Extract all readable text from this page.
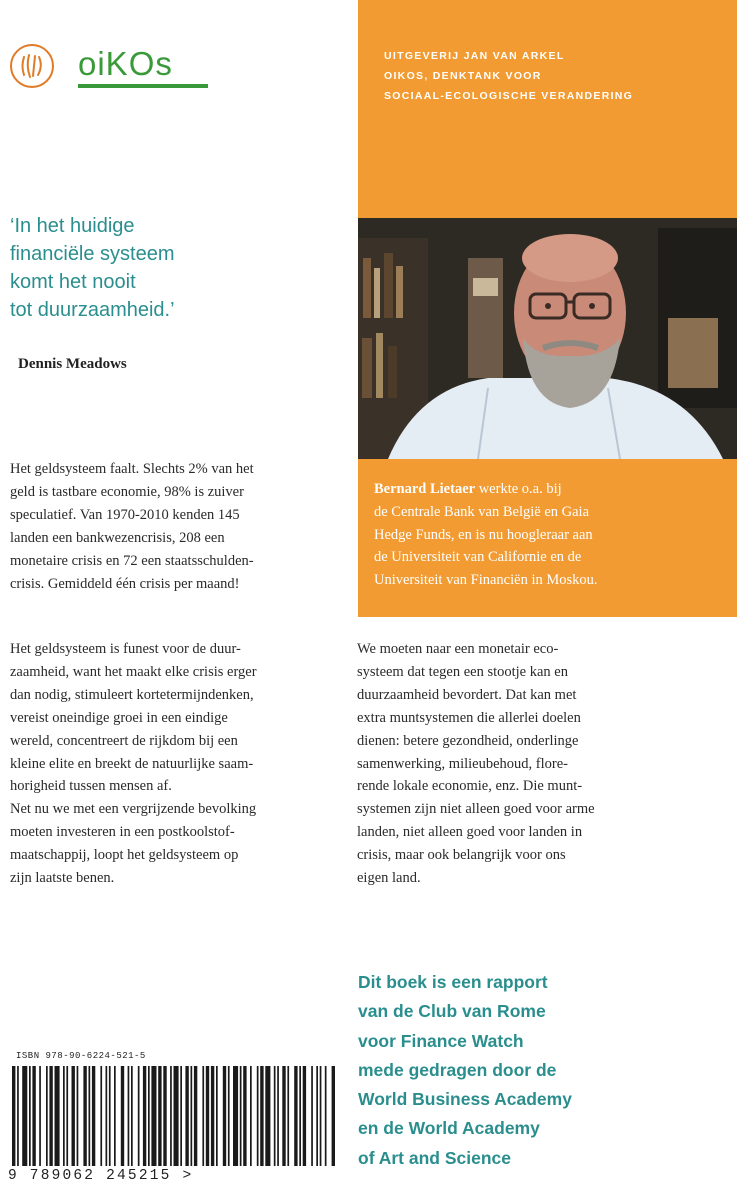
oiKOs	UITGEVERIJ JAN VAN ARKEL
OIKOS, DENKTANK VOOR
SOCIAAL-ECOLOGISCHE VERANDERING
Bernard Lietaer werkte o.a. bij
de Centrale Bank van België en Gaia
Hedge Funds, en is nu hoogleraar aan
de Universiteit van Californie en de
Universiteit van Financiën in Moskou.
‘In het huidige
financiële systeem
komt het nooit
tot duurzaamheid.’
Dennis Meadows
Het geldsysteem faalt. Slechts 2% van het
geld is tastbare economie, 98% is zuiver
speculatief. Van 1970-2010 kenden 145
landen een bankwezencrisis, 208 een
monetaire crisis en 72 een staatsschulden-
crisis. Gemiddeld één crisis per maand!
Het geldsysteem is funest voor de duur-
zaamheid, want het maakt elke crisis erger
dan nodig, stimuleert kortetermijndenken,
vereist oneindige groei in een eindige
wereld, concentreert de rijkdom bij een
kleine elite en breekt de natuurlijke saam-
horigheid tussen mensen af.
Net nu we met een vergrijzende bevolking
moeten investeren in een postkoolstof-
maatschappij, loopt het geldsysteem op
zijn laatste benen.
We moeten naar een monetair eco-
systeem dat tegen een stootje kan en
duurzaamheid bevordert. Dat kan met
extra muntsystemen die allerlei doelen
dienen: betere gezondheid, onderlinge
samenwerking, milieubehoud, flore-
rende lokale economie, enz. Die munt-
systemen zijn niet alleen goed voor arme
landen, niet alleen goed voor landen in
crisis, maar ook belangrijk voor ons
eigen land.
Dit boek is een rapport
van de Club van Rome
voor Finance Watch
mede gedragen door de
World Business Academy
en de World Academy
of Art and Science
ISBN 978-90-6224-521-5
9 789062 245215 >
